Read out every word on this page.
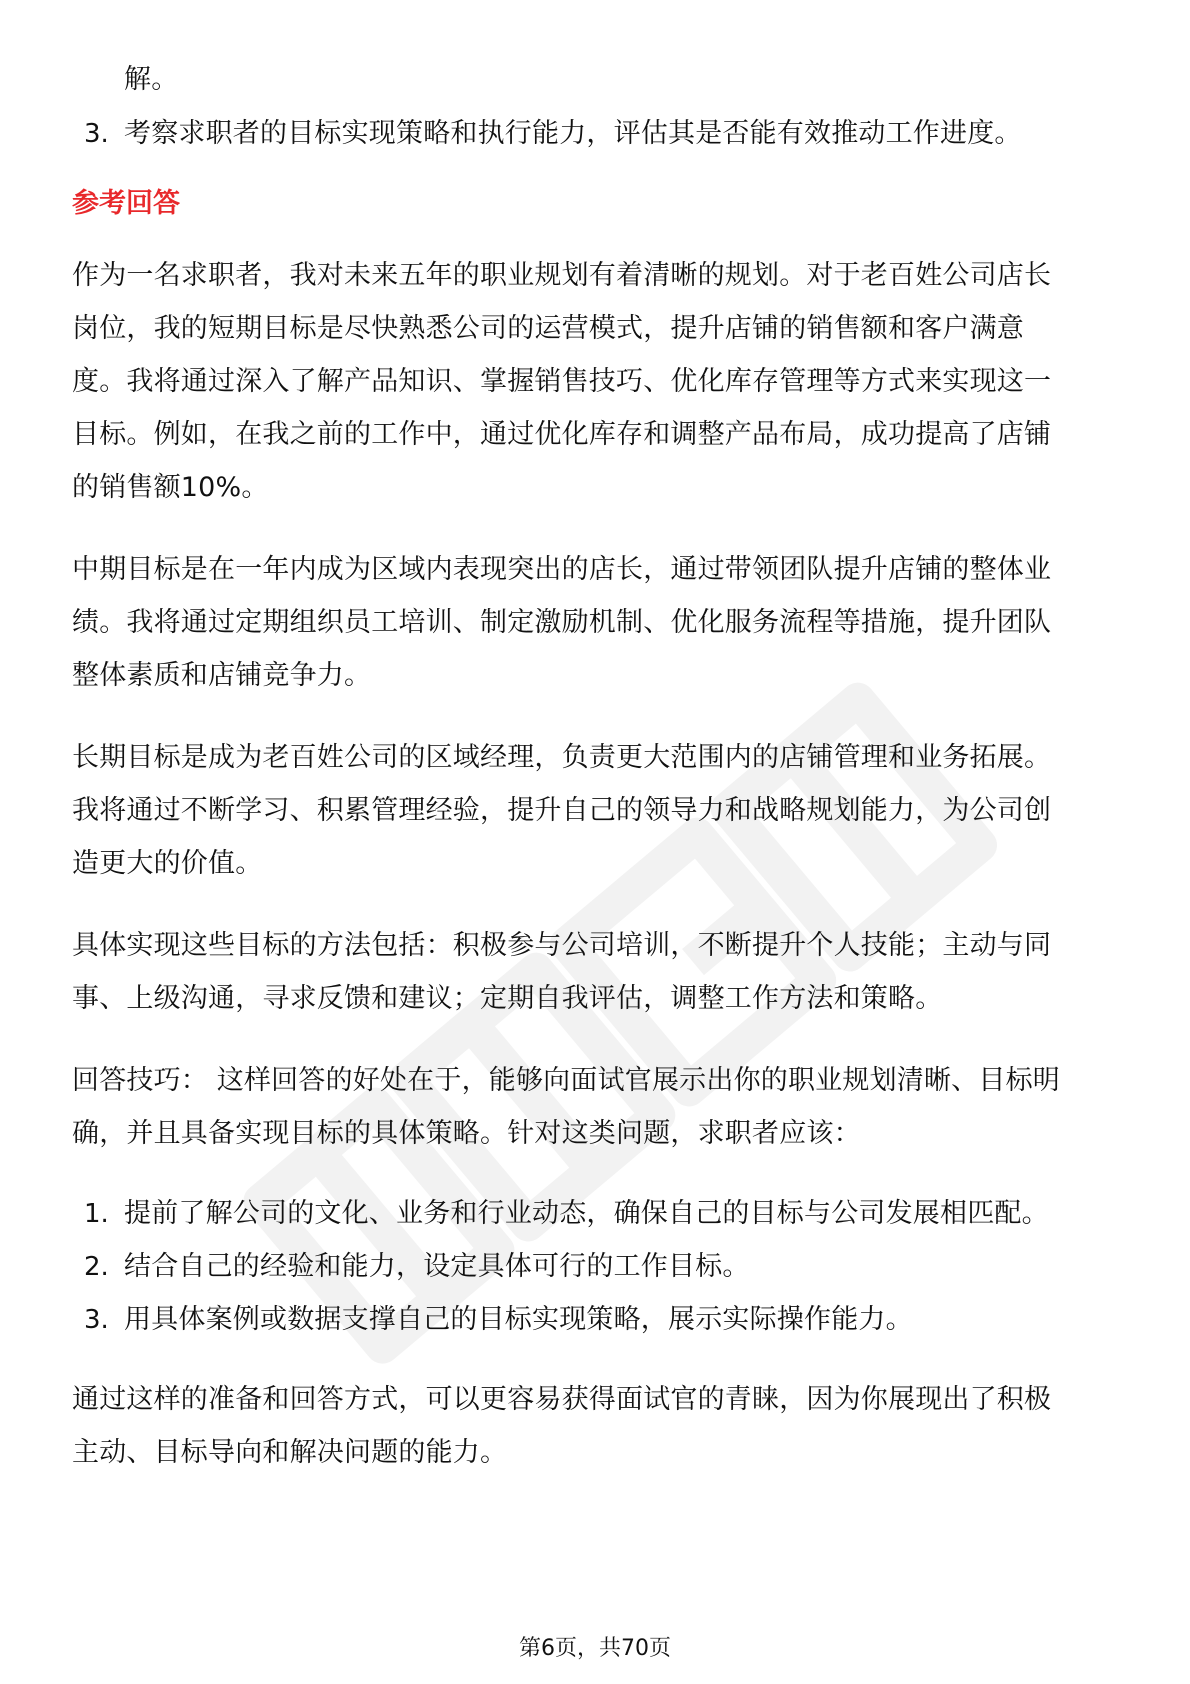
解。
3. 考察求职者的目标实现策略和执行能力，评估其是否能有效推动工作进度。
参考回答
作为一名求职者，我对未来五年的职业规划有着清晰的规划。对于老百姓公司店长
岗位，我的短期目标是尽快熟悉公司的运营模式，提升店铺的销售额和客户满意
度。我将通过深入了解产品知识、掌握销售技巧、优化库存管理等方式来实现这一
目标。例如，在我之前的工作中，通过优化库存和调整产品布局，成功提高了店铺
的销售额10%。
中期目标是在一年内成为区域内表现突出的店长，通过带领团队提升店铺的整体业
绩。我将通过定期组织员工培训、制定激励机制、优化服务流程等措施，提升团队
整体素质和店铺竞争力。
长期目标是成为老百姓公司的区域经理，负责更大范围内的店铺管理和业务拓展。
我将通过不断学习、积累管理经验，提升自己的领导力和战略规划能力，为公司创
造更大的价值。
具体实现这些目标的方法包括：积极参与公司培训，不断提升个人技能；主动与同
事、上级沟通，寻求反馈和建议；定期自我评估，调整工作方法和策略。
回答技巧： 这样回答的好处在于，能够向面试官展示出你的职业规划清晰、目标明
确，并且具备实现目标的具体策略。针对这类问题，求职者应该：
1. 提前了解公司的文化、业务和行业动态，确保自己的目标与公司发展相匹配。
2. 结合自己的经验和能力，设定具体可行的工作目标。
3. 用具体案例或数据支撑自己的目标实现策略，展示实际操作能力。
通过这样的准备和回答方式，可以更容易获得面试官的青睐，因为你展现出了积极
主动、目标导向和解决问题的能力。
第6页，共70页
